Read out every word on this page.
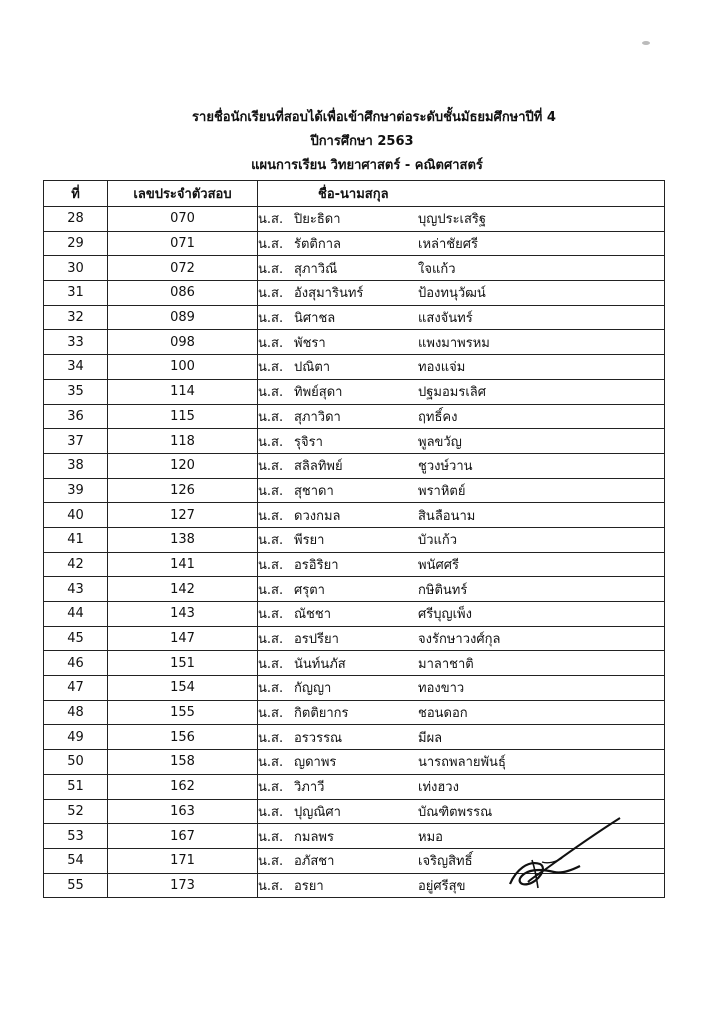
รายชื่อนักเรียนที่สอบได้เพื่อเข้าศึกษาต่อระดับชั้นมัธยมศึกษาปีที่ 4
ปีการศึกษา 2563
แผนการเรียน วิทยาศาสตร์ - คณิตศาสตร์
ที่	เลขประจำตัวสอบ	ชื่อ-นามสกุล
28	070	น.ส. ปิยะธิดา บุญประเสริฐ
29	071	น.ส. รัตติกาล เหล่าชัยศรี
30	072	น.ส. สุภาวิณี ใจแก้ว
31	086	น.ส. อังสุมารินทร์ ป้องทนุวัฒน์
32	089	น.ส. นิศาชล แสงจันทร์
33	098	น.ส. พัชรา แพงมาพรหม
34	100	น.ส. ปณิตา ทองแจ่ม
35	114	น.ส. ทิพย์สุดา ปฐมอมรเลิศ
36	115	น.ส. สุภาวิดา ฤทธิ์คง
37	118	น.ส. รุจิรา พูลขวัญ
38	120	น.ส. สลิลทิพย์ ชูวงษ์วาน
39	126	น.ส. สุชาดา พราหิตย์
40	127	น.ส. ดวงกมล สินลือนาม
41	138	น.ส. พีรยา บัวแก้ว
42	141	น.ส. อรอิริยา พนัศศรี
43	142	น.ส. ศรุตา กษิตินทร์
44	143	น.ส. ณัชชา ศรีบุญเพ็ง
45	147	น.ส. อรปรียา จงรักษาวงศ์กุล
46	151	น.ส. นันท์นภัส มาลาชาติ
47	154	น.ส. กัญญา ทองขาว
48	155	น.ส. กิตติยากร ชอนดอก
49	156	น.ส. อรวรรณ มีผล
50	158	น.ส. ญดาพร นารถพลายพันธุ์
51	162	น.ส. วิภาวี เท่งฮวง
52	163	น.ส. ปุญณิศา บัณฑิตพรรณ
53	167	น.ส. กมลพร หมอ
54	171	น.ส. อภัสชา เจริญสิทธิ์
55	173	น.ส. อรยา อยู่ศรีสุข
